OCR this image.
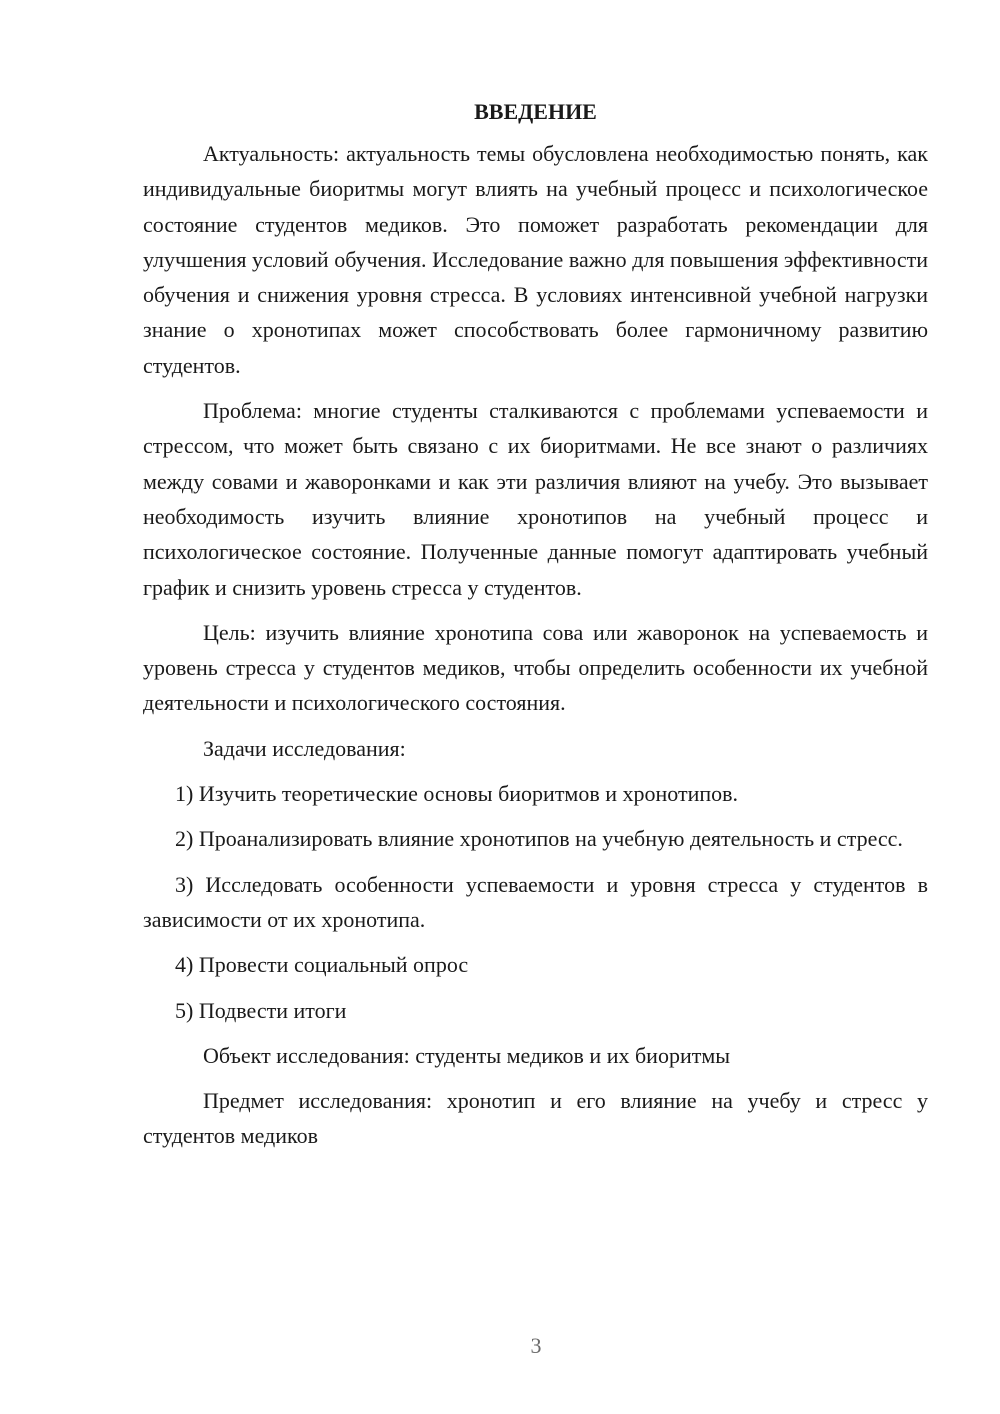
ВВЕДЕНИЕ

Актуальность: актуальность темы обусловлена необходимостью понять, как индивидуальные биоритмы могут влиять на учебный процесс и психологическое состояние студентов медиков. Это поможет разработать рекомендации для улучшения условий обучения. Исследование важно для повышения эффективности обучения и снижения уровня стресса. В условиях интенсивной учебной нагрузки знание о хронотипах может способствовать более гармоничному развитию студентов.

Проблема: многие студенты сталкиваются с проблемами успеваемости и стрессом, что может быть связано с их биоритмами. Не все знают о различиях между совами и жаворонками и как эти различия влияют на учебу. Это вызывает необходимость изучить влияние хронотипов на учебный процесс и психологическое состояние. Полученные данные помогут адаптировать учебный график и снизить уровень стресса у студентов.

Цель: изучить влияние хронотипа сова или жаворонок на успеваемость и уровень стресса у студентов медиков, чтобы определить особенности их учебной деятельности и психологического состояния.

Задачи исследования:

1) Изучить теоретические основы биоритмов и хронотипов.

2) Проанализировать влияние хронотипов на учебную деятельность и стресс.

3) Исследовать особенности успеваемости и уровня стресса у студентов в зависимости от их хронотипа.

4) Провести социальный опрос

5) Подвести итоги

Объект исследования: студенты медиков и их биоритмы

Предмет исследования: хронотип и его влияние на учебу и стресс у студентов медиков

3
